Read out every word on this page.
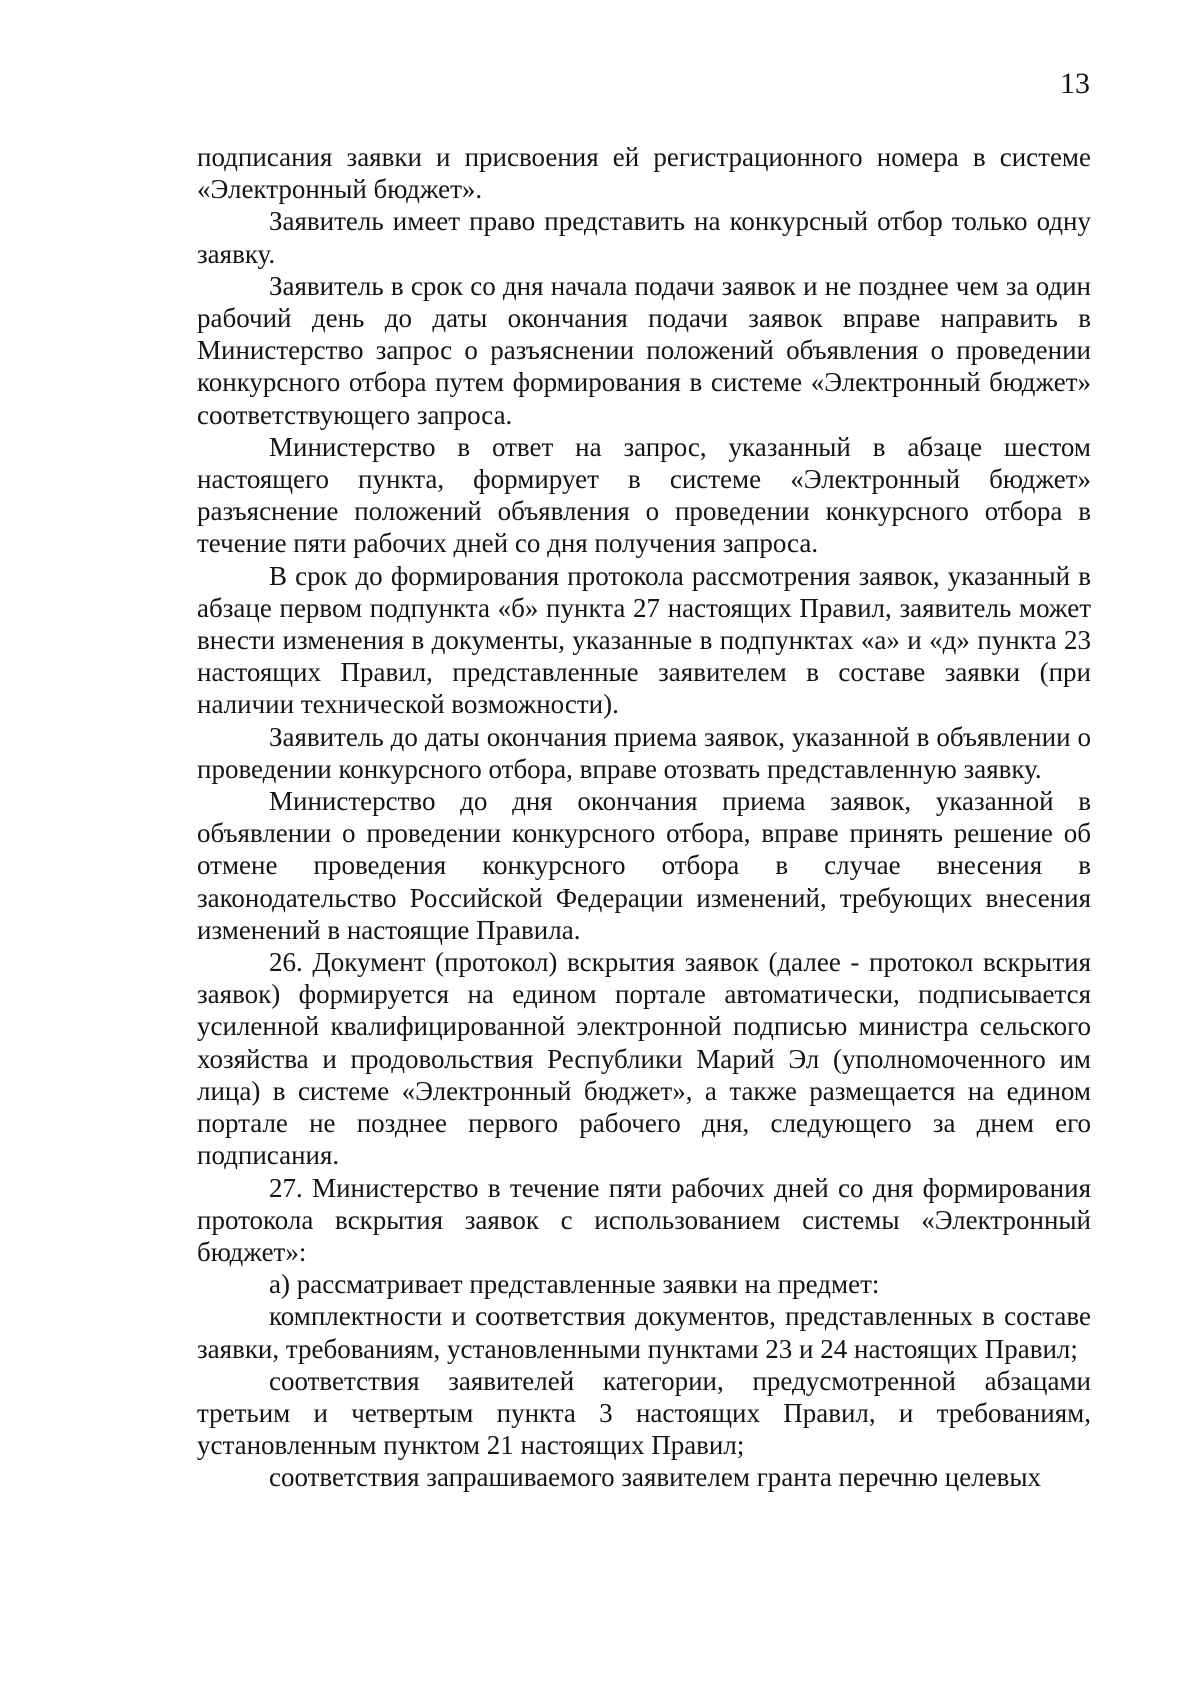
13

подписания заявки и присвоения ей регистрационного номера в системе «Электронный бюджет».

Заявитель имеет право представить на конкурсный отбор только одну заявку.

Заявитель в срок со дня начала подачи заявок и не позднее чем за один рабочий день до даты окончания подачи заявок вправе направить в Министерство запрос о разъяснении положений объявления о проведении конкурсного отбора путем формирования в системе «Электронный бюджет» соответствующего запроса.

Министерство в ответ на запрос, указанный в абзаце шестом настоящего пункта, формирует в системе «Электронный бюджет» разъяснение положений объявления о проведении конкурсного отбора в течение пяти рабочих дней со дня получения запроса.

В срок до формирования протокола рассмотрения заявок, указанный в абзаце первом подпункта «б» пункта 27 настоящих Правил, заявитель может внести изменения в документы, указанные в подпунктах «а» и «д» пункта 23 настоящих Правил, представленные заявителем в составе заявки (при наличии технической возможности).

Заявитель до даты окончания приема заявок, указанной в объявлении о проведении конкурсного отбора, вправе отозвать представленную заявку.

Министерство до дня окончания приема заявок, указанной в объявлении о проведении конкурсного отбора, вправе принять решение об отмене проведения конкурсного отбора в случае внесения в законодательство Российской Федерации изменений, требующих внесения изменений в настоящие Правила.

26. Документ (протокол) вскрытия заявок (далее - протокол вскрытия заявок) формируется на едином портале автоматически, подписывается усиленной квалифицированной электронной подписью министра сельского хозяйства и продовольствия Республики Марий Эл (уполномоченного им лица) в системе «Электронный бюджет», а также размещается на едином портале не позднее первого рабочего дня, следующего за днем его подписания.

27. Министерство в течение пяти рабочих дней со дня формирования протокола вскрытия заявок с использованием системы «Электронный бюджет»:

а) рассматривает представленные заявки на предмет:

комплектности и соответствия документов, представленных в составе заявки, требованиям, установленными пунктами 23 и 24 настоящих Правил;

соответствия заявителей категории, предусмотренной абзацами третьим и четвертым пункта 3 настоящих Правил, и требованиям, установленным пунктом 21 настоящих Правил;

соответствия запрашиваемого заявителем гранта перечню целевых
